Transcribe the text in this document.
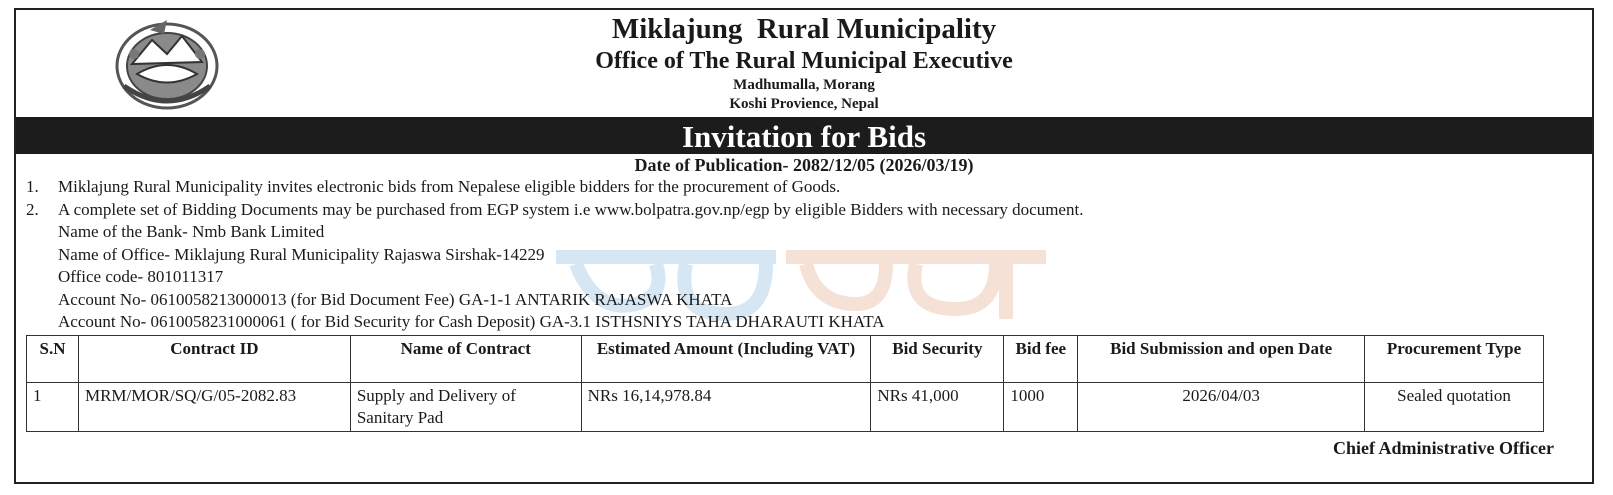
Miklajung  Rural Municipality
Office of The Rural Municipal Executive
Madhumalla, Morang
Koshi Provience, Nepal
Invitation for Bids
Date of Publication- 2082/12/05 (2026/03/19)
1. Miklajung Rural Municipality invites electronic bids from Nepalese eligible bidders for the procurement of Goods.
2. A complete set of Bidding Documents may be purchased from EGP system i.e www.bolpatra.gov.np/egp by eligible Bidders with necessary document.
Name of the Bank- Nmb Bank Limited
Name of Office- Miklajung Rural Municipality Rajaswa Sirshak-14229
Office code- 801011317
Account No- 0610058213000013 (for Bid Document Fee) GA-1-1 ANTARIK RAJASWA KHATA
Account No- 0610058231000061 ( for Bid Security for Cash Deposit) GA-3.1 ISTHSNIYS TAHA DHARAUTI KHATA
S.N	Contract ID	Name of Contract	Estimated Amount (Including VAT)	Bid Security	Bid fee	Bid Submission and open Date	Procurement Type
1	MRM/MOR/SQ/G/05-2082.83	Supply and Delivery of Sanitary Pad	NRs 16,14,978.84	NRs 41,000	1000	2026/04/03	Sealed quotation
Chief Administrative Officer
